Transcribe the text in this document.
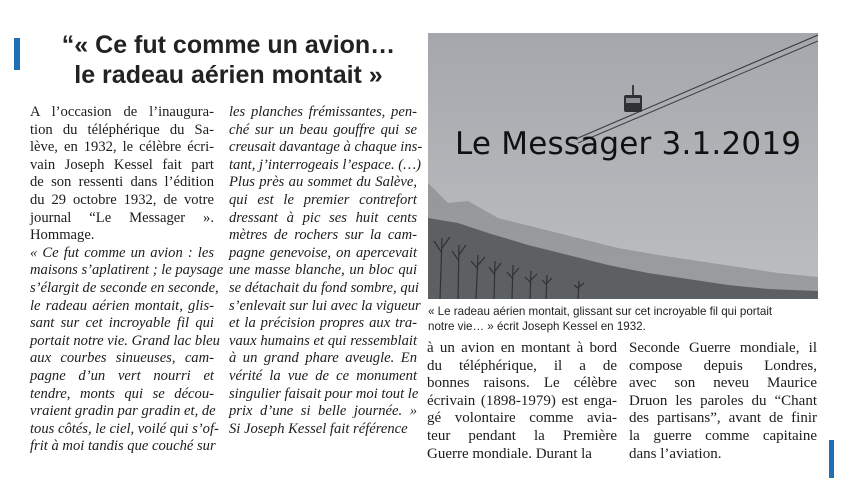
“« Ce fut comme un avion…
le radeau aérien montait »
Le Messager 3.1.2019

« Le radeau aérien montait, glissant sur cet incroyable fil qui portait
notre vie… » écrit Joseph Kessel en 1932.

A l’occasion de l’inaugura-
tion du téléphérique du Sa-
lève, en 1932, le célèbre écri-
vain Joseph Kessel fait part
de son ressenti dans l’édition
du 29 octobre 1932, de votre
journal “Le Messager ».
Hommage.
« Ce fut comme un avion : les
maisons s’aplatirent ; le paysage
s’élargit de seconde en seconde,
le radeau aérien montait, glis-
sant sur cet incroyable fil qui
portait notre vie. Grand lac bleu
aux courbes sinueuses, cam-
pagne d’un vert nourri et
tendre, monts qui se décou-
vraient gradin par gradin et, de
tous côtés, le ciel, voilé qui s’of-
frit à moi tandis que couché sur
les planches frémissantes, pen-
ché sur un beau gouffre qui se
creusait davantage à chaque ins-
tant, j’interrogeais l’espace. (…)
Plus près au sommet du Salève,
qui est le premier contrefort
dressant à pic ses huit cents
mètres de rochers sur la cam-
pagne genevoise, on apercevait
une masse blanche, un bloc qui
se détachait du fond sombre, qui
s’enlevait sur lui avec la vigueur
et la précision propres aux tra-
vaux humains et qui ressemblait
à un grand phare aveugle. En
vérité la vue de ce monument
singulier faisait pour moi tout le
prix d’une si belle journée. »
Si Joseph Kessel fait référence
à un avion en montant à bord
du téléphérique, il a de
bonnes raisons. Le célèbre
écrivain (1898-1979) est enga-
gé volontaire comme avia-
teur pendant la Première
Guerre mondiale. Durant la
Seconde Guerre mondiale, il
compose depuis Londres,
avec son neveu Maurice
Druon les paroles du “Chant
des partisans”, avant de finir
la guerre comme capitaine
dans l’aviation.
